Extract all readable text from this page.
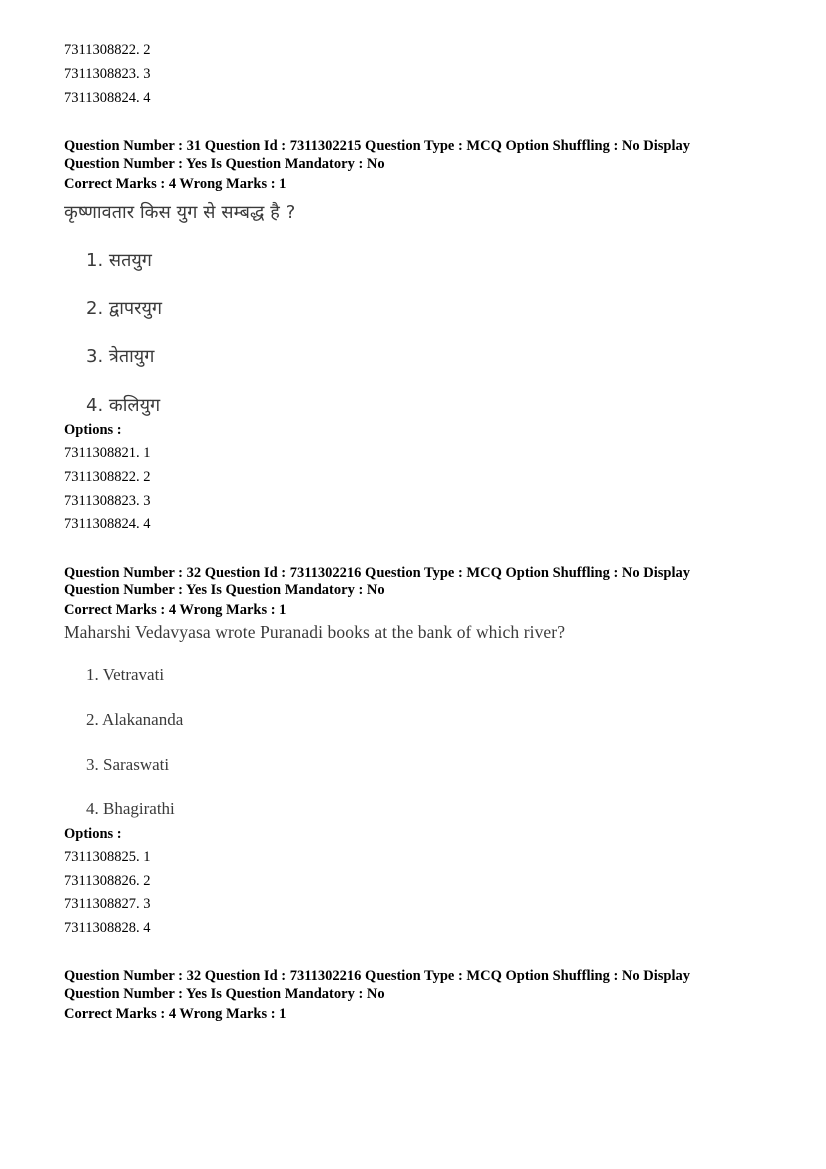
7311308822. 2
7311308823. 3
7311308824. 4
Question Number : 31 Question Id : 7311302215 Question Type : MCQ Option Shuffling : No Display
Question Number : Yes Is Question Mandatory : No
Correct Marks : 4 Wrong Marks : 1
कृष्णावतार किस युग से सम्बद्ध है ?
1. सतयुग
2. द्वापरयुग
3. त्रेतायुग
4. कलियुग
Options :
7311308821. 1
7311308822. 2
7311308823. 3
7311308824. 4
Question Number : 32 Question Id : 7311302216 Question Type : MCQ Option Shuffling : No Display
Question Number : Yes Is Question Mandatory : No
Correct Marks : 4 Wrong Marks : 1
Maharshi Vedavyasa wrote Puranadi books at the bank of which river?
1. Vetravati
2. Alakananda
3. Saraswati
4. Bhagirathi
Options :
7311308825. 1
7311308826. 2
7311308827. 3
7311308828. 4
Question Number : 32 Question Id : 7311302216 Question Type : MCQ Option Shuffling : No Display
Question Number : Yes Is Question Mandatory : No
Correct Marks : 4 Wrong Marks : 1
